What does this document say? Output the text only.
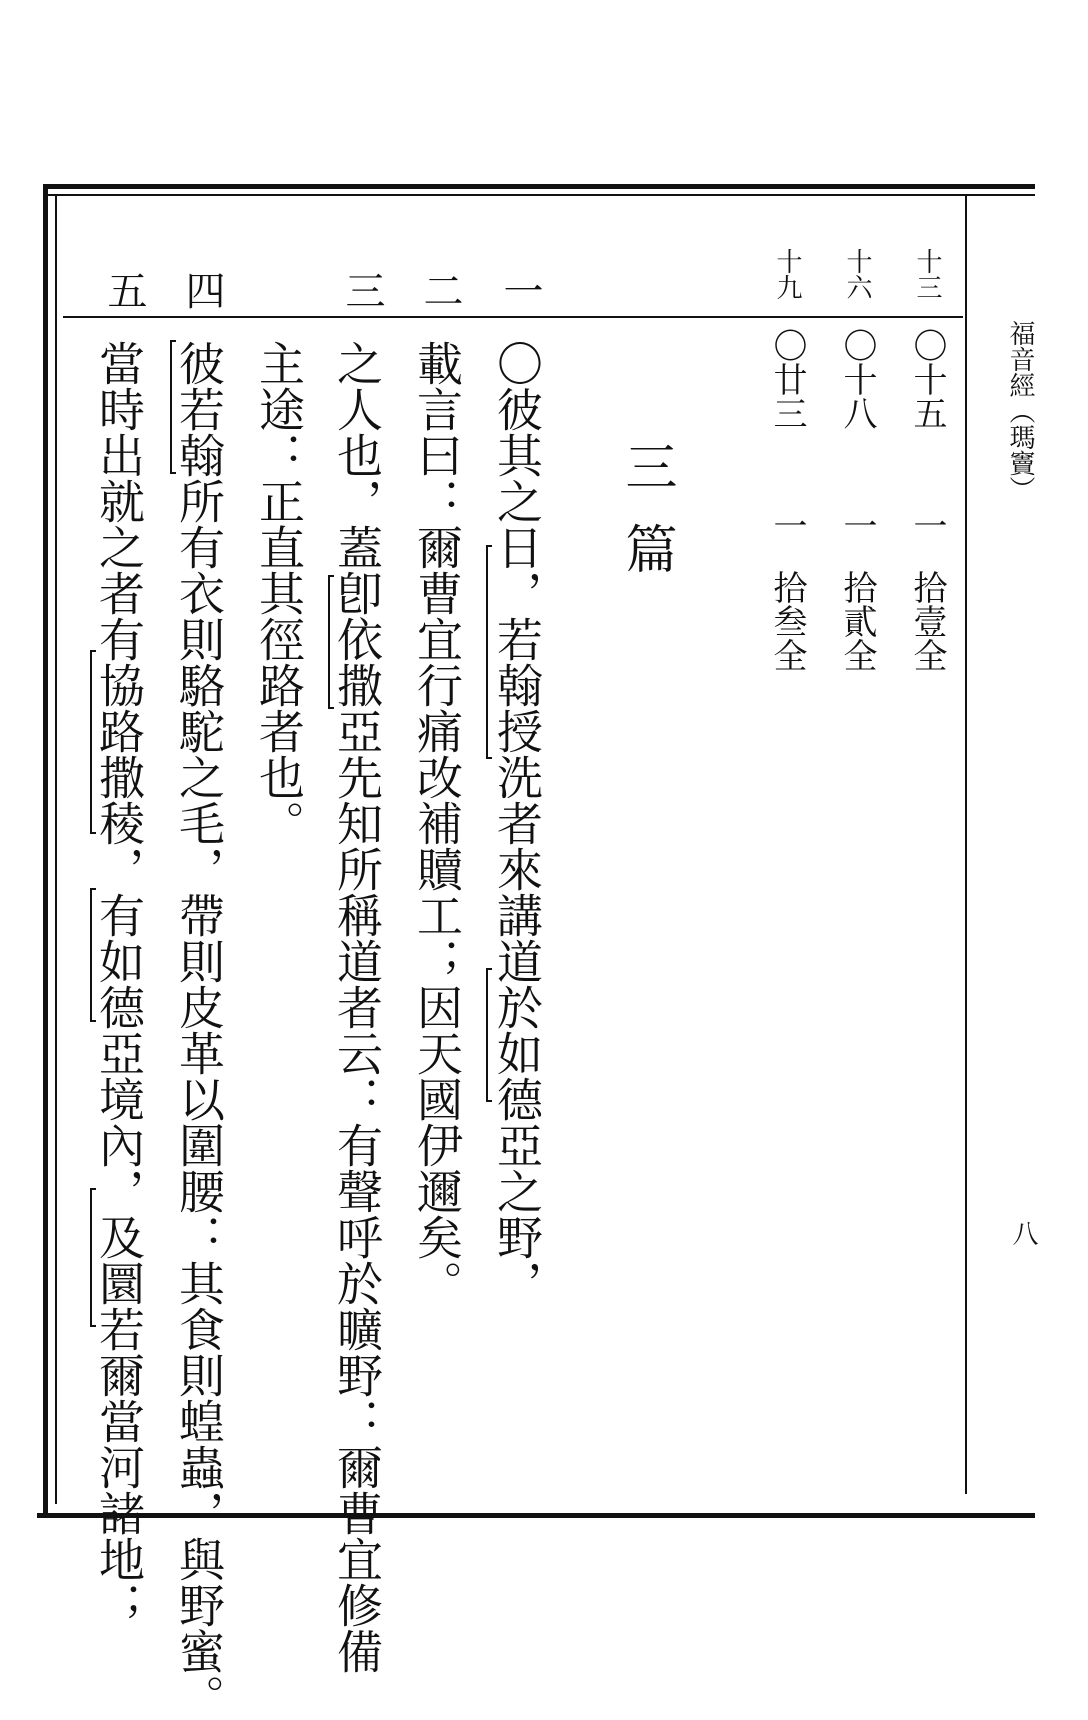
福音經（瑪竇）
八
十三
〇十五
一
拾壹全
十六
〇十八
一
拾貳全
十九
〇廿三
一
拾叁全
三篇
一
二
三
四
五
〇彼其之日，若翰授洗者來講道於如德亞之野，
載言曰：爾曹宜行痛改補贖工；因天國伊邇矣。
之人也，蓋卽依撒亞先知所稱道者云：有聲呼於曠野：爾曹宜修備
主途：正直其徑路者也。
彼若翰所有衣則駱駝之毛，帶則皮革以圍腰：其食則蝗蟲，與野蜜。
當時出就之者有協路撒稜，有如德亞境內，及圜若爾當河諸地；
